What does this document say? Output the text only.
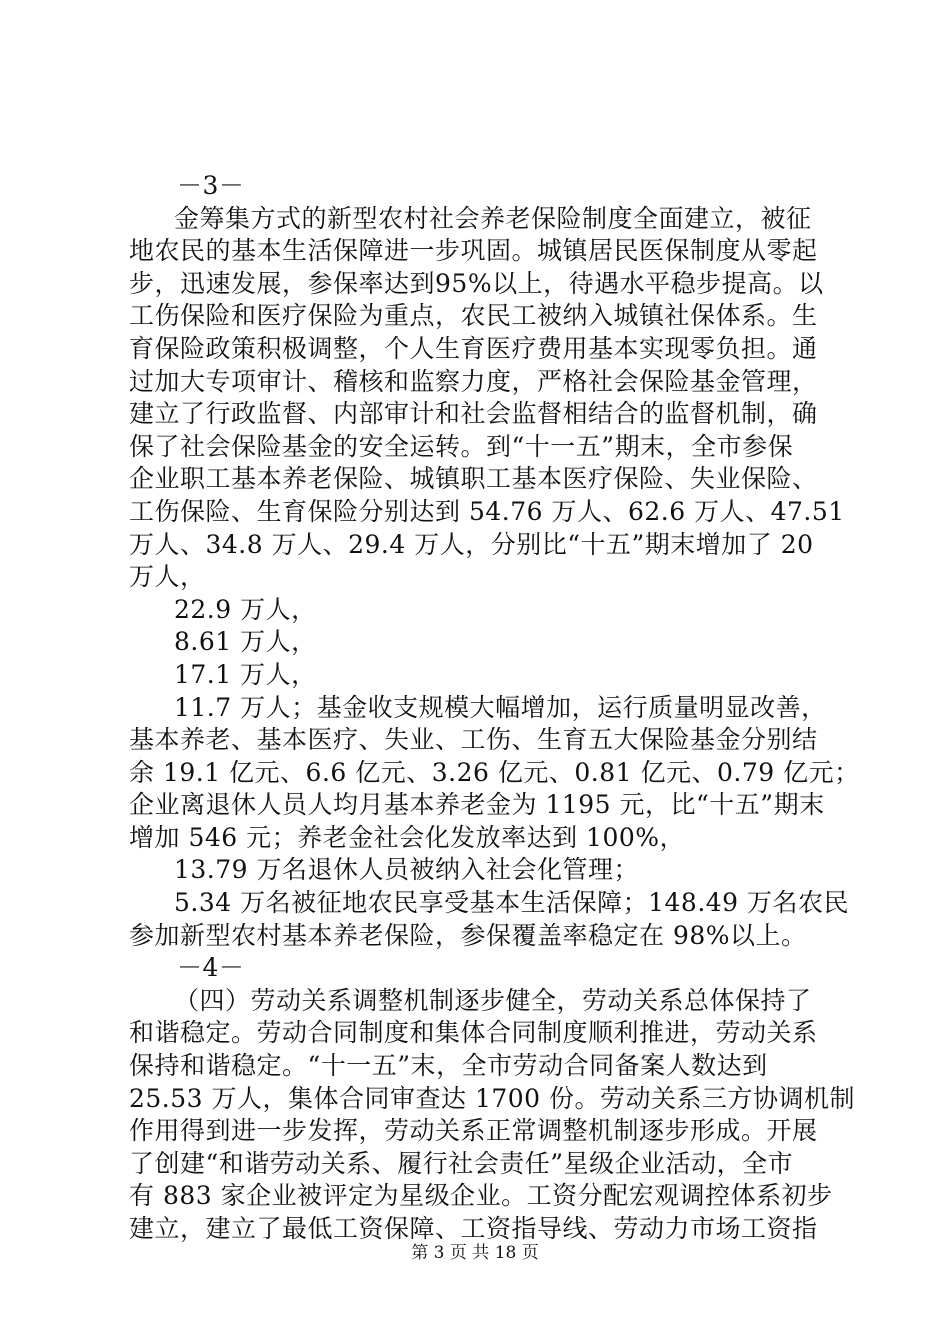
－3－
金筹集方式的新型农村社会养老保险制度全面建立，被征
地农民的基本生活保障进一步巩固。城镇居民医保制度从零起
步，迅速发展，参保率达到95%以上，待遇水平稳步提高。以
工伤保险和医疗保险为重点，农民工被纳入城镇社保体系。生
育保险政策积极调整，个人生育医疗费用基本实现零负担。通
过加大专项审计、稽核和监察力度，严格社会保险基金管理，
建立了行政监督、内部审计和社会监督相结合的监督机制，确
保了社会保险基金的安全运转。到“十一五”期末，全市参保
企业职工基本养老保险、城镇职工基本医疗保险、失业保险、
工伤保险、生育保险分别达到 54.76 万人、62.6 万人、47.51
万人、34.8 万人、29.4 万人，分别比“十五”期末增加了 20
万人，
22.9 万人，
8.61 万人，
17.1 万人，
11.7 万人；基金收支规模大幅增加，运行质量明显改善，
基本养老、基本医疗、失业、工伤、生育五大保险基金分别结
余 19.1 亿元、6.6 亿元、3.26 亿元、0.81 亿元、0.79 亿元；
企业离退休人员人均月基本养老金为 1195 元，比“十五”期末
增加 546 元；养老金社会化发放率达到 100%，
13.79 万名退休人员被纳入社会化管理；
5.34 万名被征地农民享受基本生活保障；148.49 万名农民
参加新型农村基本养老保险，参保覆盖率稳定在 98%以上。
－4－
（四）劳动关系调整机制逐步健全，劳动关系总体保持了
和谐稳定。劳动合同制度和集体合同制度顺利推进，劳动关系
保持和谐稳定。“十一五”末，全市劳动合同备案人数达到
25.53 万人，集体合同审查达 1700 份。劳动关系三方协调机制
作用得到进一步发挥，劳动关系正常调整机制逐步形成。开展
了创建“和谐劳动关系、履行社会责任”星级企业活动，全市
有 883 家企业被评定为星级企业。工资分配宏观调控体系初步
建立，建立了最低工资保障、工资指导线、劳动力市场工资指
第 3 页 共 18 页
